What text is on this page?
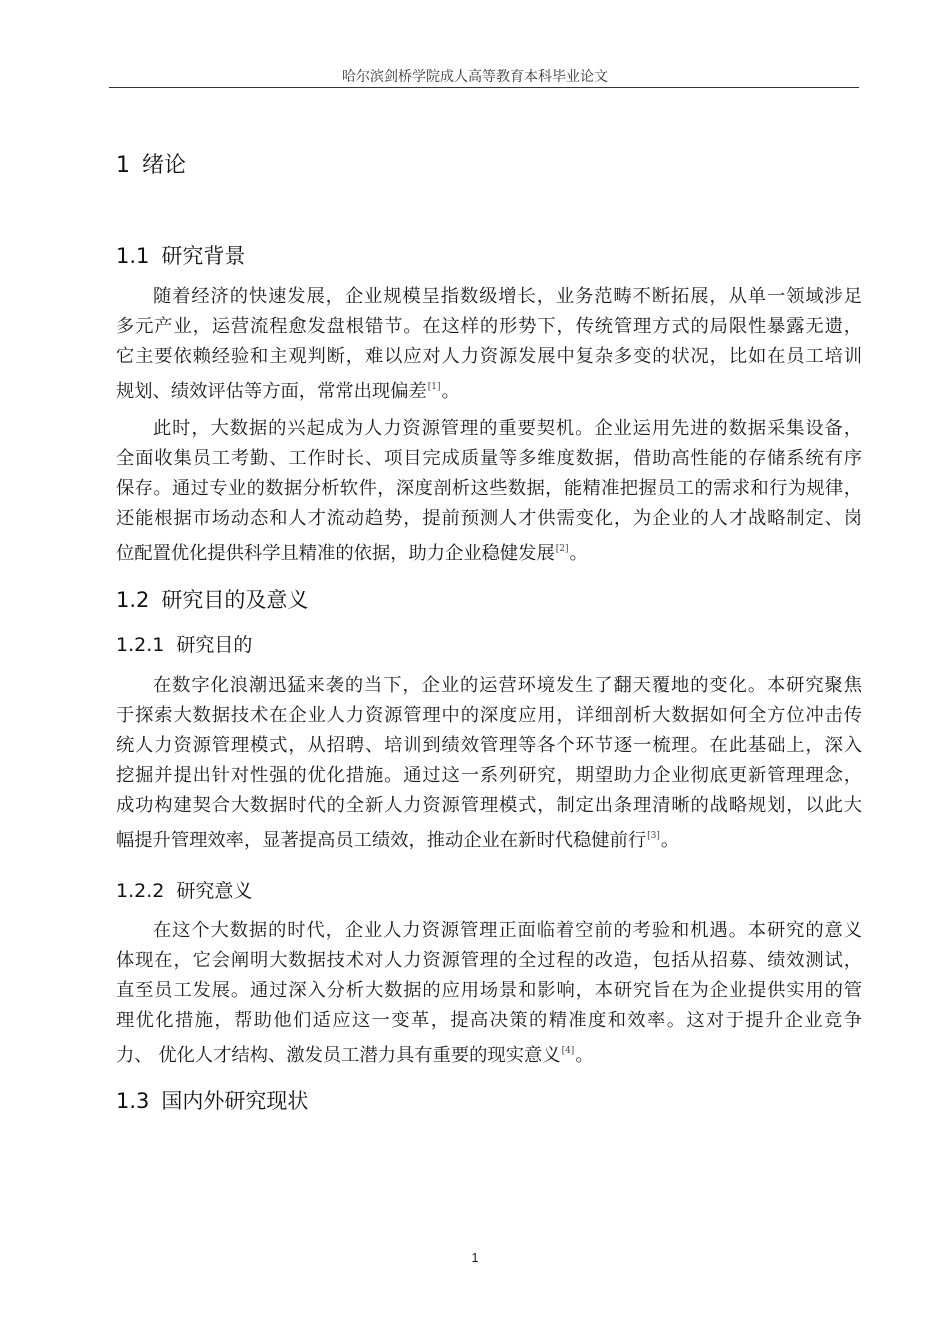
哈尔滨剑桥学院成人高等教育本科毕业论文
1 绪论
1.1 研究背景
随着经济的快速发展，企业规模呈指数级增长，业务范畴不断拓展，从单一领域涉足
多元产业，运营流程愈发盘根错节。在这样的形势下，传统管理方式的局限性暴露无遗，
它主要依赖经验和主观判断，难以应对人力资源发展中复杂多变的状况，比如在员工培训
规划、绩效评估等方面，常常出现偏差[1]。
此时，大数据的兴起成为人力资源管理的重要契机。企业运用先进的数据采集设备，
全面收集员工考勤、工作时长、项目完成质量等多维度数据，借助高性能的存储系统有序
保存。通过专业的数据分析软件，深度剖析这些数据，能精准把握员工的需求和行为规律，
还能根据市场动态和人才流动趋势，提前预测人才供需变化，为企业的人才战略制定、岗
位配置优化提供科学且精准的依据，助力企业稳健发展[2]。
1.2 研究目的及意义
1.2.1 研究目的
在数字化浪潮迅猛来袭的当下，企业的运营环境发生了翻天覆地的变化。本研究聚焦
于探索大数据技术在企业人力资源管理中的深度应用，详细剖析大数据如何全方位冲击传
统人力资源管理模式，从招聘、培训到绩效管理等各个环节逐一梳理。在此基础上，深入
挖掘并提出针对性强的优化措施。通过这一系列研究，期望助力企业彻底更新管理理念，
成功构建契合大数据时代的全新人力资源管理模式，制定出条理清晰的战略规划，以此大
幅提升管理效率，显著提高员工绩效，推动企业在新时代稳健前行[3]。
1.2.2 研究意义
在这个大数据的时代，企业人力资源管理正面临着空前的考验和机遇。本研究的意义
体现在，它会阐明大数据技术对人力资源管理的全过程的改造，包括从招募、绩效测试，
直至员工发展。通过深入分析大数据的应用场景和影响，本研究旨在为企业提供实用的管
理优化措施，帮助他们适应这一变革，提高决策的精准度和效率。这对于提升企业竞争
力、 优化人才结构、激发员工潜力具有重要的现实意义[4]。
1.3 国内外研究现状
1
